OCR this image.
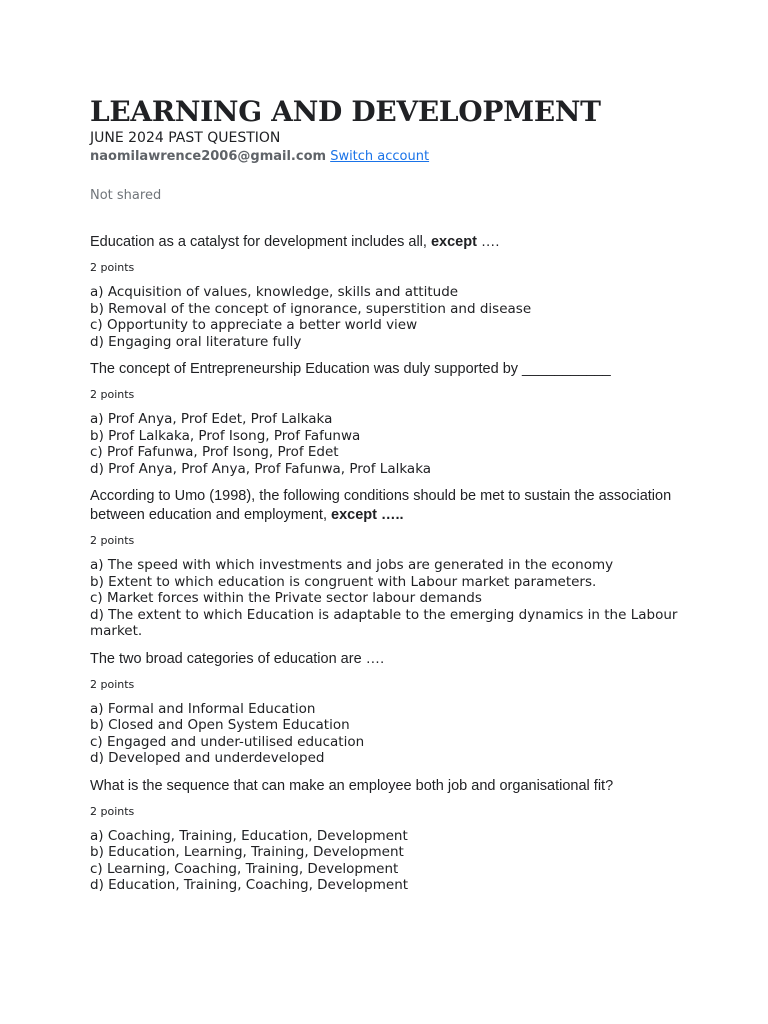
LEARNING AND DEVELOPMENT

JUNE 2024 PAST QUESTION

naomilawrence2006@gmail.com Switch account

Not shared

Education as a catalyst for development includes all, except ….

2 points

a) Acquisition of values, knowledge, skills and attitude
b) Removal of the concept of ignorance, superstition and disease
c) Opportunity to appreciate a better world view
d) Engaging oral literature fully

The concept of Entrepreneurship Education was duly supported by ___________

2 points

a) Prof Anya, Prof Edet, Prof Lalkaka
b) Prof Lalkaka, Prof Isong, Prof Fafunwa
c) Prof Fafunwa, Prof Isong, Prof Edet
d) Prof Anya, Prof Anya, Prof Fafunwa, Prof Lalkaka

According to Umo (1998), the following conditions should be met to sustain the association between education and employment, except …..

2 points

a) The speed with which investments and jobs are generated in the economy
b) Extent to which education is congruent with Labour market parameters.
c) Market forces within the Private sector labour demands
d) The extent to which Education is adaptable to the emerging dynamics in the Labour market.

The two broad categories of education are ….

2 points

a) Formal and Informal Education
b) Closed and Open System Education
c) Engaged and under-utilised education
d) Developed and underdeveloped

What is the sequence that can make an employee both job and organisational fit?

2 points

a) Coaching, Training, Education, Development
b) Education, Learning, Training, Development
c) Learning, Coaching, Training, Development
d) Education, Training, Coaching, Development
